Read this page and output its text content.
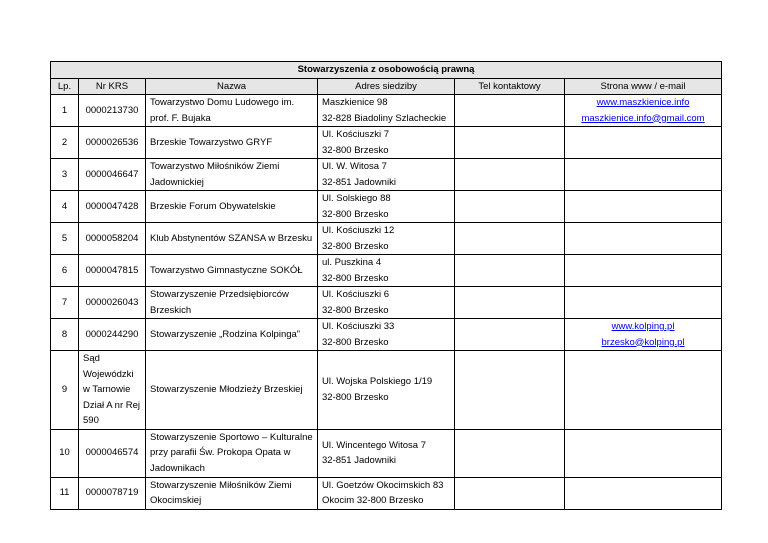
Stowarzyszenia z osobowością prawną					
Lp.	Nr KRS	Nazwa	Adres siedziby	Tel kontaktowy	Strona www / e-mail
1	0000213730	Towarzystwo Domu Ludowego im. prof. F. Bujaka	Maszkienice 98
32-828 Biadoliny Szlacheckie		www.maszkienice.info
maszkienice.info@gmail.com

2	0000026536	Brzeskie Towarzystwo GRYF	Ul. Kościuszki 7
32-800 Brzesko		

3	0000046647	Towarzystwo Miłośników Ziemi Jadownickiej	Ul. W. Witosa 7
32-851 Jadowniki		

4	0000047428	Brzeskie Forum Obywatelskie	Ul. Solskiego 88
32-800 Brzesko		

5	0000058204	Klub Abstynentów SZANSA w Brzesku	Ul. Kościuszki 12
32-800 Brzesko		

6	0000047815	Towarzystwo Gimnastyczne SOKÓŁ	ul. Puszkina 4
32-800 Brzesko		

7	0000026043	Stowarzyszenie Przedsiębiorców Brzeskich	Ul. Kościuszki 6
32-800 Brzesko		

8	0000244290	Stowarzyszenie „Rodzina Kolpinga”	Ul. Kościuszki 33
32-800 Brzesko		www.kolping.pl
brzesko@kolping.pl

9	Sąd Wojewódzki w Tarnowie Dział A nr Rej 590	Stowarzyszenie Młodzieży Brzeskiej	Ul. Wojska Polskiego 1/19
32-800 Brzesko		

10	0000046574	Stowarzyszenie Sportowo – Kulturalne przy parafii Św. Prokopa Opata w Jadownikach	Ul. Wincentego Witosa 7
32-851 Jadowniki		

11	0000078719	Stowarzyszenie Miłośników Ziemi Okocimskiej	Ul. Goetzów Okocimskich 83
Okocim 32-800 Brzesko		
